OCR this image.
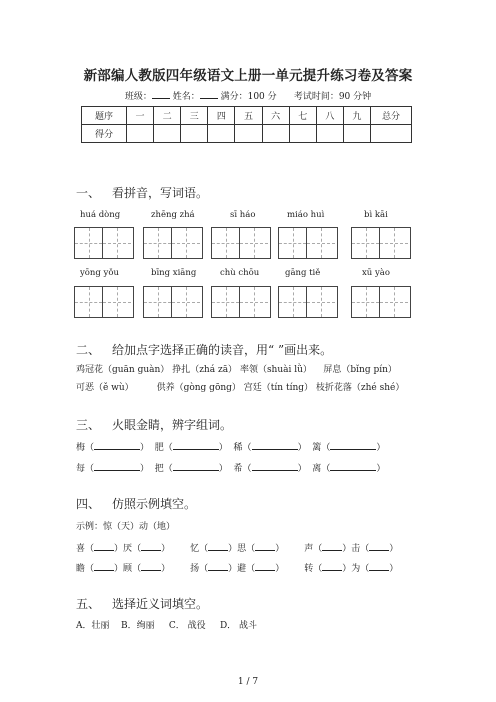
新部编人教版四年级语文上册一单元提升练习卷及答案
班级： 姓名： 满分：100 分 考试时间：90 分钟
题序	一	二	三	四	五	六	七	八	九	总分
得分										
一、 看拼音，写词语。
huá dòng	zhēng zhá	sī háo	miáo huì	bì kāi
yōng yǒu	bīng xiāng	chù chōu	gāng tiě	xū yào
二、 给加点字选择正确的读音，用“ ”画出来。
鸡冠花（guān guàn） 挣扎（zhá zā） 率领（shuài lǜ） 屏息（bǐng pín）
可恶（ě wù）	供养（gòng gōng） 宫廷（tín tíng） 枝折花落（zhé shé）
三、 火眼金睛，辨字组词。
梅（	）  肥（	）  稀（	）  篱（	）
每（	）  把（	）  希（	）  离（	）
四、 仿照示例填空。
示例：惊（天）动（地）
喜（ ）厌（ ）       忆（ ）思（ ）       声（ ）击（ ）
瞻（ ）顾（ ）       扬（ ）避（ ）       转（ ）为（ ）
五、 选择近义词填空。
A．壮丽 B．绚丽 C． 战役 D． 战斗
1 / 7
